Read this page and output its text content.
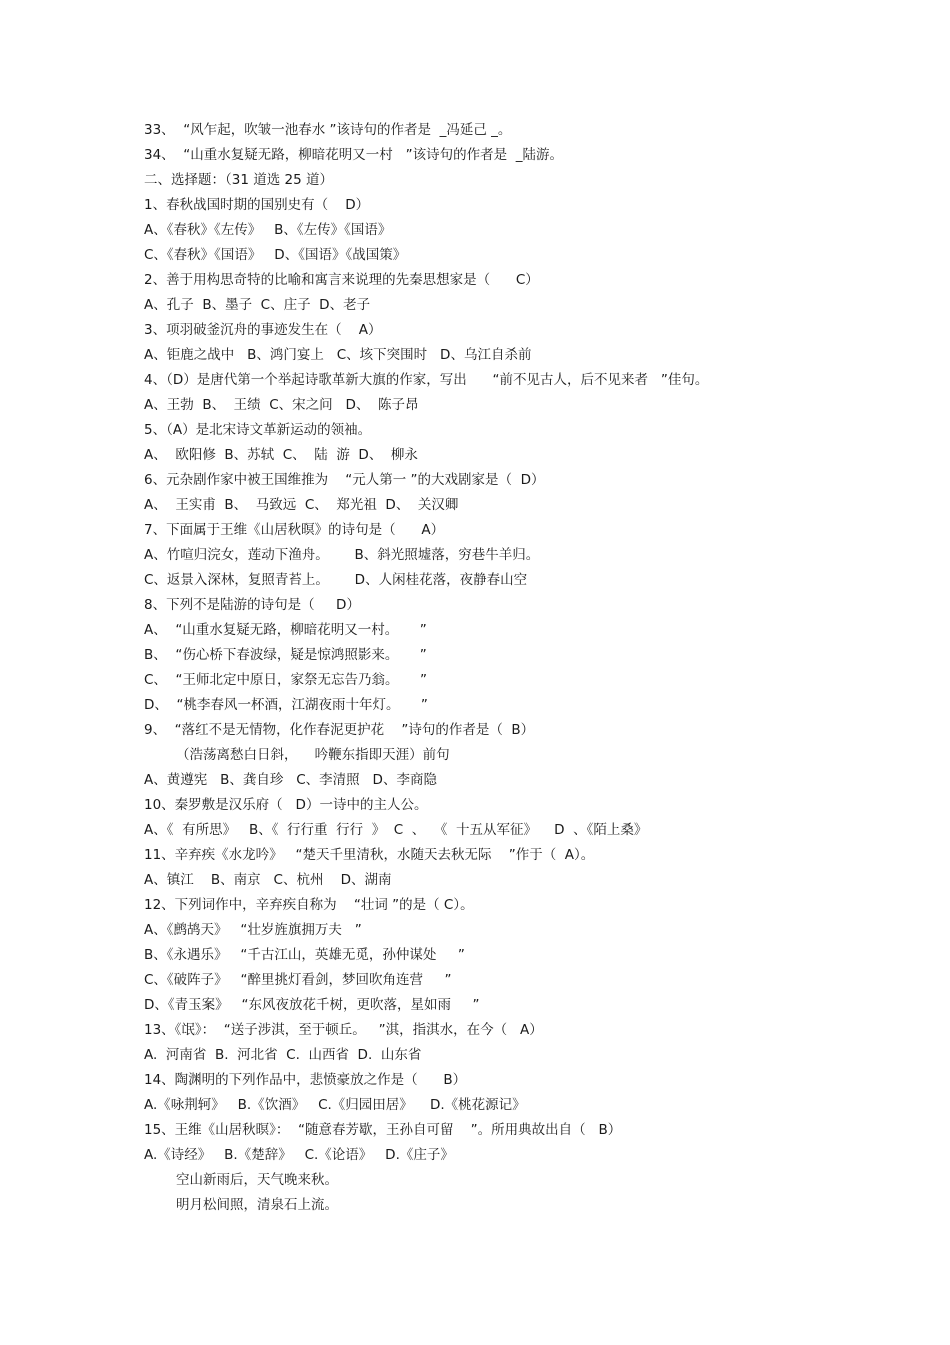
33、  “风乍起，吹皱一池春水 ”该诗句的作者是  _冯延己 _。
34、  “山重水复疑无路，柳暗花明又一村   ”该诗句的作者是  _陆游。
二、选择题：（31 道选 25 道）
1、春秋战国时期的国别史有（    D）
A、《春秋》《左传》   B、《左传》《国语》
C、《春秋》《国语》   D、《国语》《战国策》
2、善于用构思奇特的比喻和寓言来说理的先秦思想家是（      C）
A、孔子  B、墨子  C、庄子  D、老子
3、项羽破釜沉舟的事迹发生在（    A）
A、钜鹿之战中   B、鸿门宴上   C、垓下突围时   D、乌江自杀前
4、（D）是唐代第一个举起诗歌革新大旗的作家，写出      “前不见古人，后不见来者   ”佳句。
A、王勃  B、  王绩  C、宋之问   D、  陈子昂
5、（A）是北宋诗文革新运动的领袖。
A、  欧阳修  B、苏轼  C、  陆  游  D、  柳永
6、元杂剧作家中被王国维推为    “元人第一 ”的大戏剧家是（  D）
A、  王实甫  B、  马致远  C、  郑光祖  D、  关汉卿
7、下面属于王维《山居秋暝》的诗句是（      A）
A、竹喧归浣女，莲动下渔舟。      B、斜光照墟落，穷巷牛羊归。
C、返景入深林，复照青苔上。      D、人闲桂花落，夜静春山空
8、下列不是陆游的诗句是（     D）
A、  “山重水复疑无路，柳暗花明又一村。     ”
B、  “伤心桥下春波绿，疑是惊鸿照影来。     ”
C、  “王师北定中原日，家祭无忘告乃翁。     ”
D、  “桃李春风一杯酒，江湖夜雨十年灯。     ”
9、  “落红不是无情物，化作春泥更护花    ”诗句的作者是（  B）
（浩荡离愁白日斜，    吟鞭东指即天涯）前句
A、黄遵宪   B、龚自珍   C、李清照   D、李商隐
10、秦罗敷是汉乐府（   D）一诗中的主人公。
A、《  有所思》   B、《  行行重  行行  》  C  、  《  十五从军征》    D  、《陌上桑》
11、辛弃疾《水龙吟》   “楚天千里清秋，水随天去秋无际    ”作于（  A）。
A、镇江    B、南京   C、杭州    D、湖南
12、下列词作中，辛弃疾自称为    “壮词 ”的是（ C）。
A、《鹧鸪天》   “壮岁旌旗拥万夫   ”
B、《永遇乐》   “千古江山，英雄无觅，孙仲谋处     ”
C、《破阵子》   “醉里挑灯看剑，梦回吹角连营     ”
D、《青玉案》   “东风夜放花千树，更吹落，星如雨     ”
13、《氓》：  “送子涉淇，至于顿丘。   ”淇，指淇水，在今（   A）
A.  河南省  B.  河北省  C.  山西省  D.  山东省
14、陶渊明的下列作品中，悲愤豪放之作是（      B）
A.《咏荆轲》   B.《饮酒》   C.《归园田居》    D.《桃花源记》
15、王维《山居秋暝》：  “随意春芳歇，王孙自可留    ”。所用典故出自（   B）
A.《诗经》   B.《楚辞》   C.《论语》   D.《庄子》
空山新雨后，天气晚来秋。
明月松间照，清泉石上流。
